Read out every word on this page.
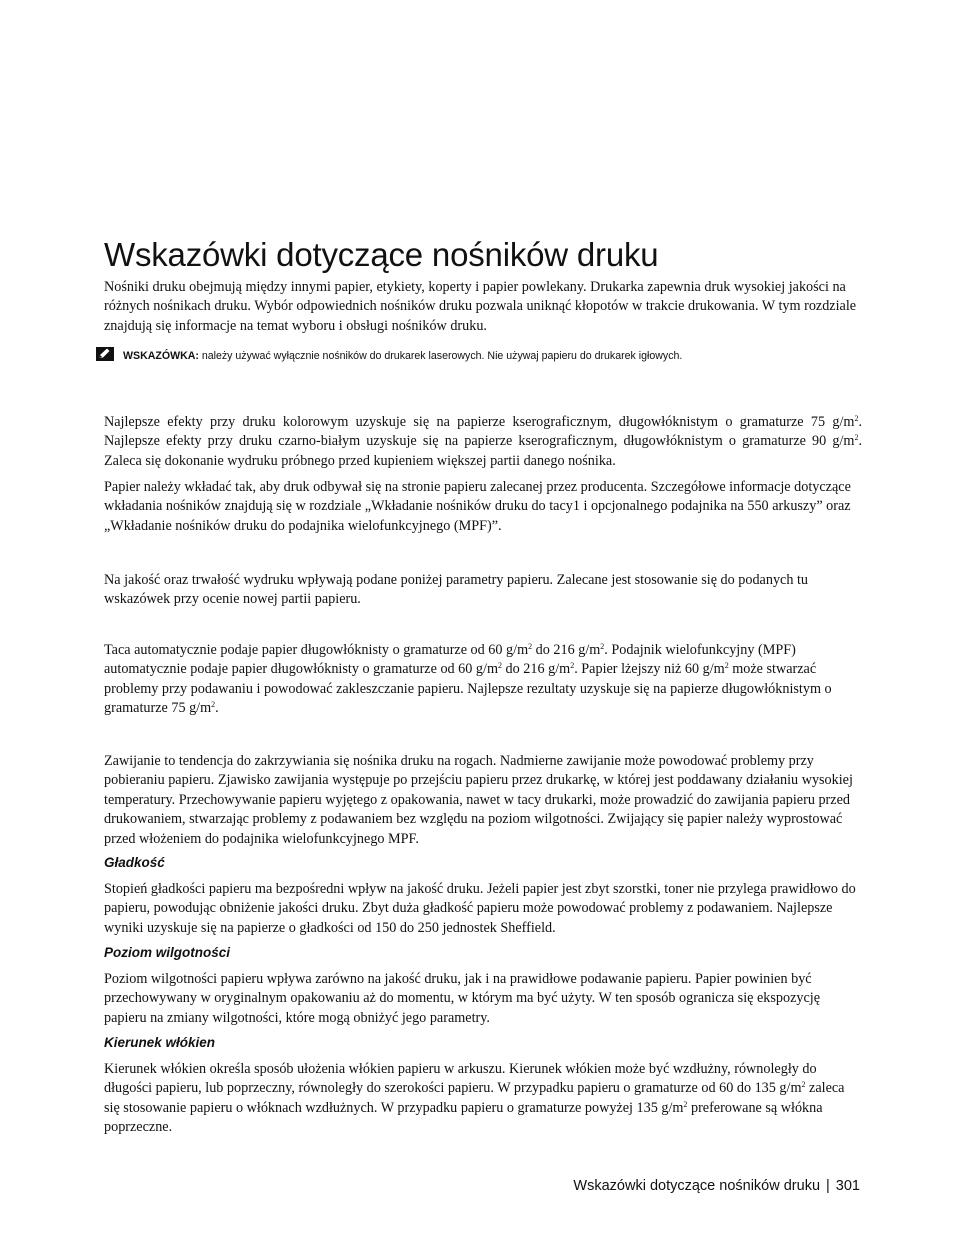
Wskazówki dotyczące nośników druku

Nośniki druku obejmują między innymi papier, etykiety, koperty i papier powlekany. Drukarka zapewnia druk wysokiej jakości na różnych nośnikach druku. Wybór odpowiednich nośników druku pozwala uniknąć kłopotów w trakcie drukowania. W tym rozdziale znajdują się informacje na temat wyboru i obsługi nośników druku.

WSKAZÓWKA: należy używać wyłącznie nośników do drukarek laserowych. Nie używaj papieru do drukarek igłowych.

Najlepsze efekty przy druku kolorowym uzyskuje się na papierze kserograficznym, długowłóknistym o gramaturze 75 $g/m^2$. Najlepsze efekty przy druku czarno-białym uzyskuje się na papierze kserograficznym, długowłóknistym o gramaturze 90 $g/m^2$. Zaleca się dokonanie wydruku próbnego przed kupieniem większej partii danego nośnika.

Papier należy wkładać tak, aby druk odbywał się na stronie papieru zalecanej przez producenta. Szczegółowe informacje dotyczące wkładania nośników znajdują się w rozdziale „Wkładanie nośników druku do tacy1 i opcjonalnego podajnika na 550 arkuszy” oraz „Wkładanie nośników druku do podajnika wielofunkcyjnego (MPF)”.

Na jakość oraz trwałość wydruku wpływają podane poniżej parametry papieru. Zalecane jest stosowanie się do podanych tu wskazówek przy ocenie nowej partii papieru.

Taca automatycznie podaje papier długowłóknisty o gramaturze od 60 $g/m^2$ do 216 $g/m^2$. Podajnik wielofunkcyjny (MPF) automatycznie podaje papier długowłóknisty o gramaturze od 60 $g/m^2$ do 216 $g/m^2$. Papier lżejszy niż 60 $g/m^2$ może stwarzać problemy przy podawaniu i powodować zakleszczanie papieru. Najlepsze rezultaty uzyskuje się na papierze długowłóknistym o gramaturze 75 $g/m^2$.

Zawijanie to tendencja do zakrzywiania się nośnika druku na rogach. Nadmierne zawijanie może powodować problemy przy pobieraniu papieru. Zjawisko zawijania występuje po przejściu papieru przez drukarkę, w której jest poddawany działaniu wysokiej temperatury. Przechowywanie papieru wyjętego z opakowania, nawet w tacy drukarki, może prowadzić do zawijania papieru przed drukowaniem, stwarzając problemy z podawaniem bez względu na poziom wilgotności. Zwijający się papier należy wyprostować przed włożeniem do podajnika wielofunkcyjnego MPF.

Gładkość

Stopień gładkości papieru ma bezpośredni wpływ na jakość druku. Jeżeli papier jest zbyt szorstki, toner nie przylega prawidłowo do papieru, powodując obniżenie jakości druku. Zbyt duża gładkość papieru może powodować problemy z podawaniem. Najlepsze wyniki uzyskuje się na papierze o gładkości od 150 do 250 jednostek Sheffield.

Poziom wilgotności

Poziom wilgotności papieru wpływa zarówno na jakość druku, jak i na prawidłowe podawanie papieru. Papier powinien być przechowywany w oryginalnym opakowaniu aż do momentu, w którym ma być użyty. W ten sposób ogranicza się ekspozycję papieru na zmiany wilgotności, które mogą obniżyć jego parametry.

Kierunek włókien

Kierunek włókien określa sposób ułożenia włókien papieru w arkuszu. Kierunek włókien może być wzdłużny, równoległy do długości papieru, lub poprzeczny, równoległy do szerokości papieru. W przypadku papieru o gramaturze od 60 do 135 $g/m^2$ zaleca się stosowanie papieru o włóknach wzdłużnych. W przypadku papieru o gramaturze powyżej 135 $g/m^2$ preferowane są włókna poprzeczne.

Wskazówki dotyczące nośników druku | 301
